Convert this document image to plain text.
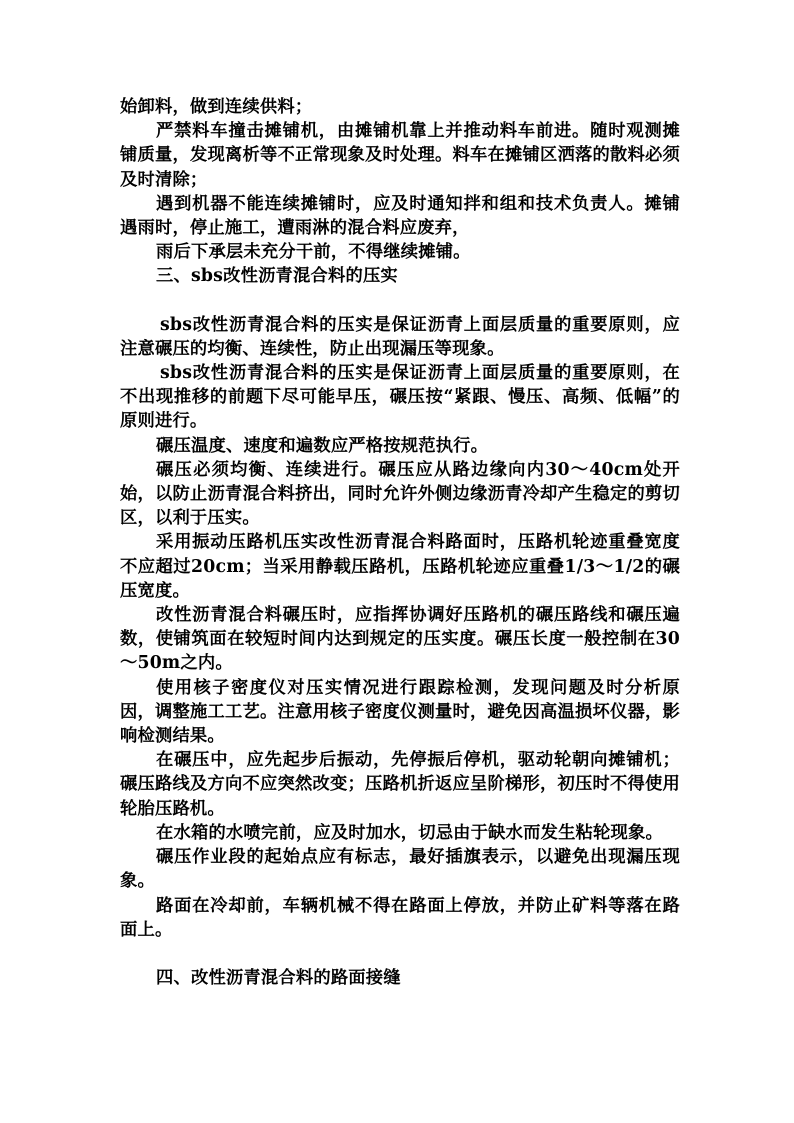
始卸料，做到连续供料；

严禁料车撞击摊铺机，由摊铺机靠上并推动料车前进。随时观测摊铺质量，发现离析等不正常现象及时处理。料车在摊铺区洒落的散料必须及时清除；

遇到机器不能连续摊铺时，应及时通知拌和组和技术负责人。摊铺遇雨时，停止施工，遭雨淋的混合料应废弃，

雨后下承层未充分干前，不得继续摊铺。

三、sbs改性沥青混合料的压实

sbs改性沥青混合料的压实是保证沥青上面层质量的重要原则，应注意碾压的均衡、连续性，防止出现漏压等现象。

sbs改性沥青混合料的压实是保证沥青上面层质量的重要原则，在不出现推移的前题下尽可能早压，碾压按“紧跟、慢压、高频、低幅”的原则进行。

碾压温度、速度和遍数应严格按规范执行。

碾压必须均衡、连续进行。碾压应从路边缘向内30～40cm处开始，以防止沥青混合料挤出，同时允许外侧边缘沥青冷却产生稳定的剪切区，以利于压实。

采用振动压路机压实改性沥青混合料路面时，压路机轮迹重叠宽度不应超过20cm；当采用静载压路机，压路机轮迹应重叠1/3～1/2的碾压宽度。

改性沥青混合料碾压时，应指挥协调好压路机的碾压路线和碾压遍数，使铺筑面在较短时间内达到规定的压实度。碾压长度一般控制在30～50m之内。

使用核子密度仪对压实情况进行跟踪检测，发现问题及时分析原因，调整施工工艺。注意用核子密度仪测量时，避免因高温损坏仪器，影响检测结果。

在碾压中，应先起步后振动，先停振后停机，驱动轮朝向摊铺机；碾压路线及方向不应突然改变；压路机折返应呈阶梯形，初压时不得使用轮胎压路机。

在水箱的水喷完前，应及时加水，切忌由于缺水而发生粘轮现象。

碾压作业段的起始点应有标志，最好插旗表示，以避免出现漏压现象。

路面在冷却前，车辆机械不得在路面上停放，并防止矿料等落在路面上。

四、改性沥青混合料的路面接缝
